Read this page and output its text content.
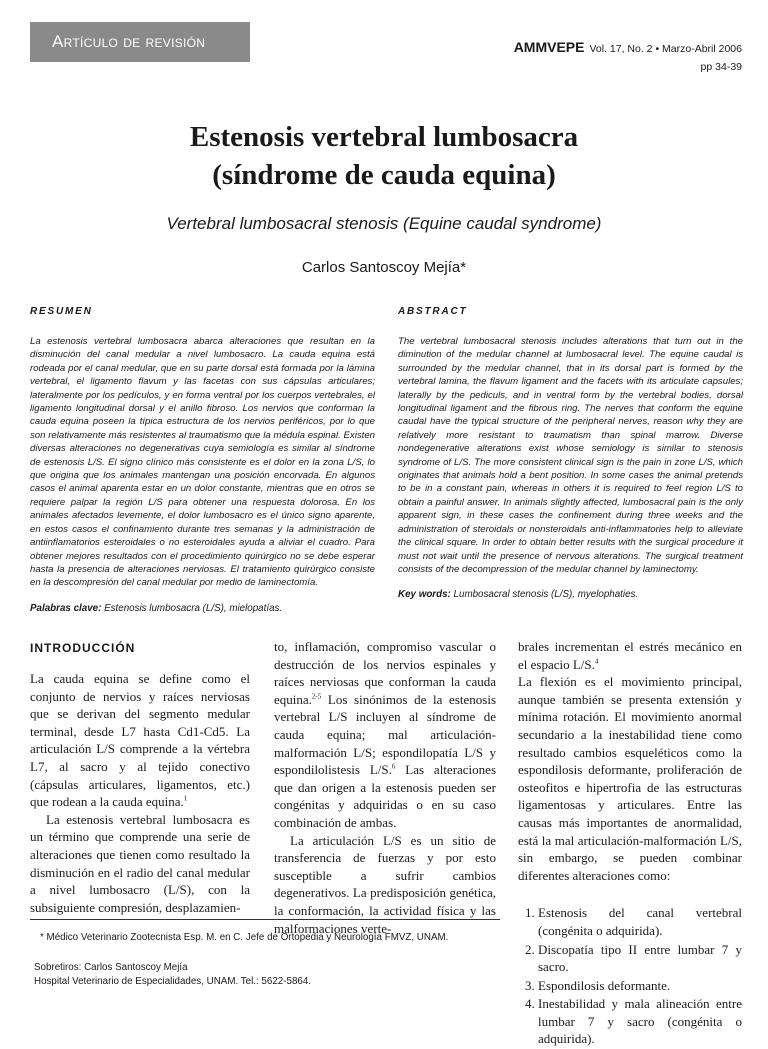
Artículo de revisión	AMMVEPE Vol. 17, No. 2 • Marzo-Abril 2006
pp 34-39
Estenosis vertebral lumbosacra
(síndrome de cauda equina)
Vertebral lumbosacral stenosis (Equine caudal syndrome)
Carlos Santoscoy Mejía*
RESUMEN	ABSTRACT
La estenosis vertebral lumbosacra abarca alteraciones que resultan en la disminución del canal medular a nivel lumbosacro. La cauda equina está rodeada por el canal medular, que en su parte dorsal está formada por la lámina vertebral, el ligamento flavum y las facetas con sus cápsulas articulares; lateralmente por los pedículos, y en forma ventral por los cuerpos vertebrales, el ligamento longitudinal dorsal y el anillo fibroso. Los nervios que conforman la cauda equina poseen la típica estructura de los nervios periféricos, por lo que son relativamente más resistentes al traumatismo que la médula espinal. Existen diversas alteraciones no degenerativas cuya semiología es similar al síndrome de estenosis L/S. El signo clínico más consistente es el dolor en la zona L/S, lo que origina que los animales mantengan una posición encorvada. En algunos casos el animal aparenta estar en un dolor constante, mientras que en otros se requiere palpar la región L/S para obtener una respuesta dolorosa. En los animales afectados levemente, el dolor lumbosacro es el único signo aparente, en estos casos el confinamiento durante tres semanas y la administración de antiinflamatorios esteroidales o no esteroidales ayuda a aliviar el cuadro. Para obtener mejores resultados con el procedimiento quirúrgico no se debe esperar hasta la presencia de alteraciones nerviosas. El tratamiento quirúrgico consiste en la descompresión del canal medular por medio de laminectomía.
The vertebral lumbosacral stenosis includes alterations that turn out in the diminution of the medular channel at lumbosacral level. The equine caudal is surrounded by the medular channel, that in its dorsal part is formed by the vertebral lamina, the flavum ligament and the facets with its articulate capsules; laterally by the pediculs, and in ventral form by the vertebral bodies, dorsal longitudinal ligament and the fibrous ring. The nerves that conform the equine caudal have the typical structure of the peripheral nerves, reason why they are relatively more resistant to traumatism than spinal marrow. Diverse nondegenerative alterations exist whose semiology is similar to stenosis syndrome of L/S. The more consistent clinical sign is the pain in zone L/S, which originates that animals hold a bent position. In some cases the animal pretends to be in a constant pain, whereas in others it is required to feel region L/S to obtain a painful answer. In animals slightly affected, lumbosacral pain is the only apparent sign, in these cases the confinement during three weeks and the administration of steroidals or nonsteroidals anti-inflammatories help to alleviate the clinical square. In order to obtain better results with the surgical procedure it must not wait until the presence of nervous alterations. The surgical treatment consists of the decompression of the medular channel by laminectomy.
Palabras clave: Estenosis lumbosacra (L/S), mielopatías.
Key words: Lumbosacral stenosis (L/S), myelophaties.
INTRODUCCIÓN

La cauda equina se define como el conjunto de nervios y raíces nerviosas que se derivan del segmento medular terminal, desde L7 hasta Cd1-Cd5. La articulación L/S comprende a la vértebra L7, al sacro y al tejido conectivo (cápsulas articulares, ligamentos, etc.) que rodean a la cauda equina.$^1$

La estenosis vertebral lumbosacra es un término que comprende una serie de alteraciones que tienen como resultado la disminución en el radio del canal medular a nivel lumbosacro (L/S), con la subsiguiente compresión, desplazamien-

to, inflamación, compromiso vascular o destrucción de los nervios espinales y raíces nerviosas que conforman la cauda equina.$^{2-5}$ Los sinónimos de la estenosis vertebral L/S incluyen al síndrome de cauda equina; mal articulación-malformación L/S; espondilopatía L/S y espondilolistesis L/S.$^6$ Las alteraciones que dan origen a la estenosis pueden ser congénitas y adquiridas o en su caso combinación de ambas.

La articulación L/S es un sitio de transferencia de fuerzas y por esto susceptible a sufrir cambios degenerativos. La predisposición genética, la conformación, la actividad física y las malformaciones verte-

brales incrementan el estrés mecánico en el espacio L/S.$^4$

La flexión es el movimiento principal, aunque también se presenta extensión y mínima rotación. El movimiento anormal secundario a la inestabilidad tiene como resultado cambios esqueléticos como la espondilosis deformante, proliferación de osteofitos e hipertrofia de las estructuras ligamentosas y articulares. Entre las causas más importantes de anormalidad, está la mal articulación-malformación L/S, sin embargo, se pueden combinar diferentes alteraciones como:

1. Estenosis del canal vertebral (congénita o adquirida).
2. Discopatía tipo II entre lumbar 7 y sacro.
3. Espondilosis deformante.
4. Inestabilidad y mala alineación entre lumbar 7 y sacro (congénita o adquirida).
* Médico Veterinario Zootecnista Esp. M. en C. Jefe de Ortopedia y Neurología FMVZ, UNAM.
Sobretiros: Carlos Santoscoy Mejía
Hospital Veterinario de Especialidades, UNAM. Tel.: 5622-5864.
